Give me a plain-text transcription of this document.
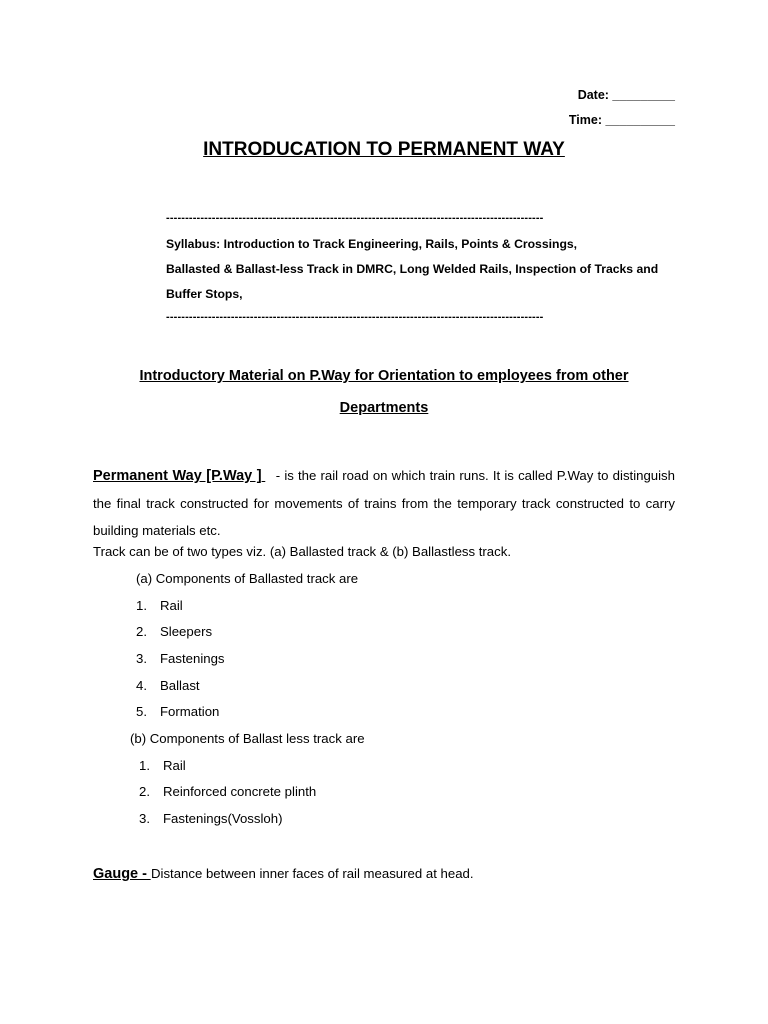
Date: _________
Time: __________
INTRODUCATION TO PERMANENT WAY
---------------------------------------------------------------------------------------------------
Syllabus: Introduction to Track Engineering, Rails, Points & Crossings,
Ballasted & Ballast-less Track in DMRC, Long Welded Rails, Inspection of Tracks and
Buffer Stops,
---------------------------------------------------------------------------------------------------
Introductory Material on P.Way for Orientation to employees from other
Departments
Permanent Way [P.Way ] - is the rail road on which train runs. It is called P.Way to distinguish the final track constructed for movements of trains from the temporary track constructed to carry building materials etc.
Track can be of two types viz. (a) Ballasted track & (b) Ballastless track.
(a) Components of Ballasted track are
1. Rail
2. Sleepers
3. Fastenings
4. Ballast
5. Formation
(b) Components of Ballast less track are
1. Rail
2. Reinforced concrete plinth
3. Fastenings(Vossloh)
Gauge - Distance between inner faces of rail measured at head.
